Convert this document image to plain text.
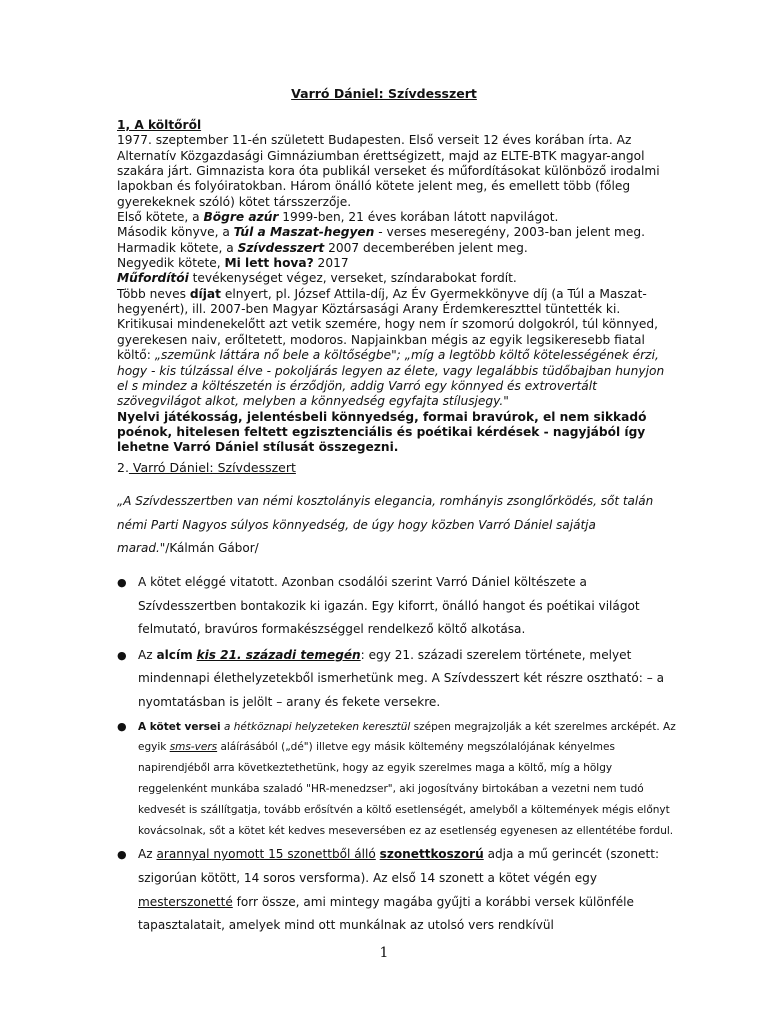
Varró Dániel: Szívdesszert

1, A költőről

1977. szeptember 11-én született Budapesten. Első verseit 12 éves korában írta. Az Alternatív Közgazdasági Gimnáziumban érettségizett, majd az ELTE-BTK magyar-angol szakára járt. Gimnazista kora óta publikál verseket és műfordításokat különböző irodalmi lapokban és folyóiratokban. Három önálló kötete jelent meg, és emellett több (főleg gyerekeknek szóló) kötet társszerzője.

Első kötete, a Bögre azúr 1999-ben, 21 éves korában látott napvilágot.

Második könyve, a Túl a Maszat-hegyen - verses meseregény, 2003-ban jelent meg.

Harmadik kötete, a Szívdesszert 2007 decemberében jelent meg.

Negyedik kötete, Mi lett hova? 2017

Műfordítói tevékenységet végez, verseket, színdarabokat fordít.

Több neves díjat elnyert, pl. József Attila-díj, Az Év Gyermekkönyve díj (a Túl a Maszat-hegyenért), ill. 2007-ben Magyar Köztársasági Arany Érdemkereszttel tüntették ki.

Kritikusai mindenekelőtt azt vetik szemére, hogy nem ír szomorú dolgokról, túl könnyed, gyerekesen naiv, erőltetett, modoros. Napjainkban mégis az egyik legsikeresebb fiatal költő: „szemünk láttára nő bele a költőségbe"; „míg a legtöbb költő kötelességének érzi, hogy - kis túlzással élve - pokoljárás legyen az élete, vagy legalábbis tüdőbajban hunyjon el s mindez a költészetén is érződjön, addig Varró egy könnyed és extrovertált szövegvilágot alkot, melyben a könnyedség egyfajta stílusjegy."

Nyelvi játékosság, jelentésbeli könnyedség, formai bravúrok, el nem sikkadó poénok, hitelesen feltett egzisztenciális és poétikai kérdések - nagyjából így lehetne Varró Dániel stílusát összegezni.

2. Varró Dániel: Szívdesszert
„A Szívdesszertben van némi kosztolányis elegancia, romhányis zsonglőrködés, sőt talán némi Parti Nagyos súlyos könnyedség, de úgy hogy közben Varró Dániel sajátja marad."/Kálmán Gábor/
● A kötet eléggé vitatott. Azonban csodálói szerint Varró Dániel költészete a Szívdesszertben bontakozik ki igazán. Egy kiforrt, önálló hangot és poétikai világot felmutató, bravúros formakészséggel rendelkező költő alkotása.
● Az alcím kis 21. századi temegén: egy 21. századi szerelem története, melyet mindennapi élethelyzetekből ismerhetünk meg. A Szívdesszert két részre osztható: – a nyomtatásban is jelölt – arany és fekete versekre.
● A kötet versei a hétköznapi helyzeteken keresztül szépen megrajzolják a két szerelmes arcképét. Az egyik sms-vers aláírásából („dé") illetve egy másik költemény megszólalójának kényelmes napirendjéből arra következtethetünk, hogy az egyik szerelmes maga a költő, míg a hölgy reggelenként munkába szaladó "HR-menedzser", aki jogosítvány birtokában a vezetni nem tudó kedvesét is szállítgatja, tovább erősítvén a költő esetlenségét, amelyből a költemények mégis előnyt kovácsolnak, sőt a kötet két kedves meseversében ez az esetlenség egyenesen az ellentétébe fordul.
● Az arannyal nyomott 15 szonettből álló szonettkoszorú adja a mű gerincét (szonett: szigorúan kötött, 14 soros versforma). Az első 14 szonett a kötet végén egy mesterszonetté forr össze, ami mintegy magába gyűjti a korábbi versek különféle tapasztalatait, amelyek mind ott munkálnak az utolsó vers rendkívül
1
